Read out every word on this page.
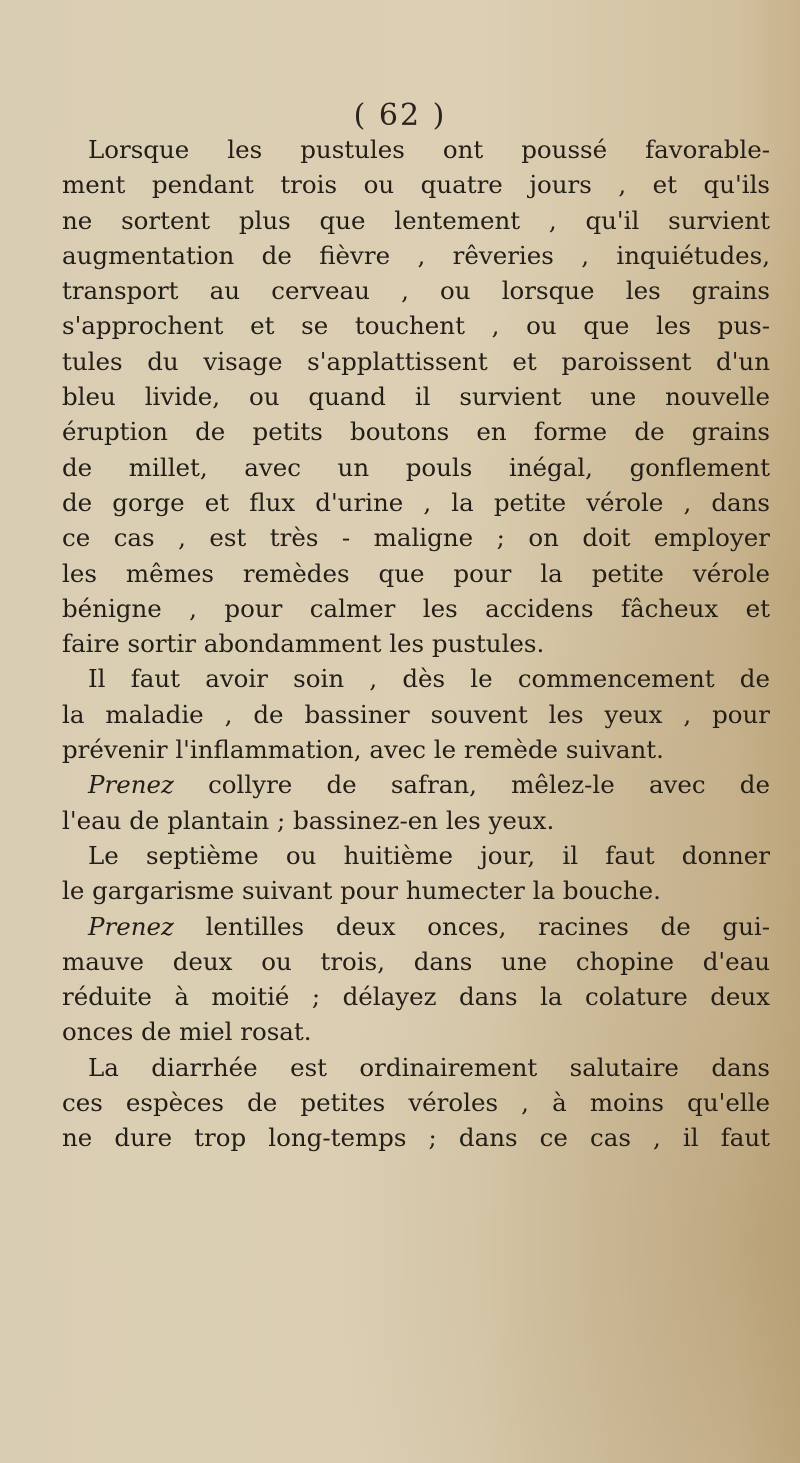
( 62 )
Lorsque les pustules ont poussé favorable-
ment pendant trois ou quatre jours , et qu'ils
ne sortent plus que lentement , qu'il survient
augmentation de fièvre , rêveries , inquiétudes,
transport au cerveau , ou lorsque les grains
s'approchent et se touchent , ou que les pus-
tules du visage s'applattissent et paroissent d'un
bleu livide, ou quand il survient une nouvelle
éruption de petits boutons en forme de grains
de millet, avec un pouls inégal, gonflement
de gorge et flux d'urine , la petite vérole , dans
ce cas , est très - maligne ; on doit employer
les mêmes remèdes que pour la petite vérole
bénigne , pour calmer les accidens fâcheux et
faire sortir abondamment les pustules.
Il faut avoir soin , dès le commencement de
la maladie , de bassiner souvent les yeux , pour
prévenir l'inflammation, avec le remède suivant.
Prenez collyre de safran, mêlez-le avec de
l'eau de plantain ; bassinez-en les yeux.
Le septième ou huitième jour, il faut donner
le gargarisme suivant pour humecter la bouche.
Prenez lentilles deux onces, racines de gui-
mauve deux ou trois, dans une chopine d'eau
réduite à moitié ; délayez dans la colature deux
onces de miel rosat.
La diarrhée est ordinairement salutaire dans
ces espèces de petites véroles , à moins qu'elle
ne dure trop long-temps ; dans ce cas , il faut
